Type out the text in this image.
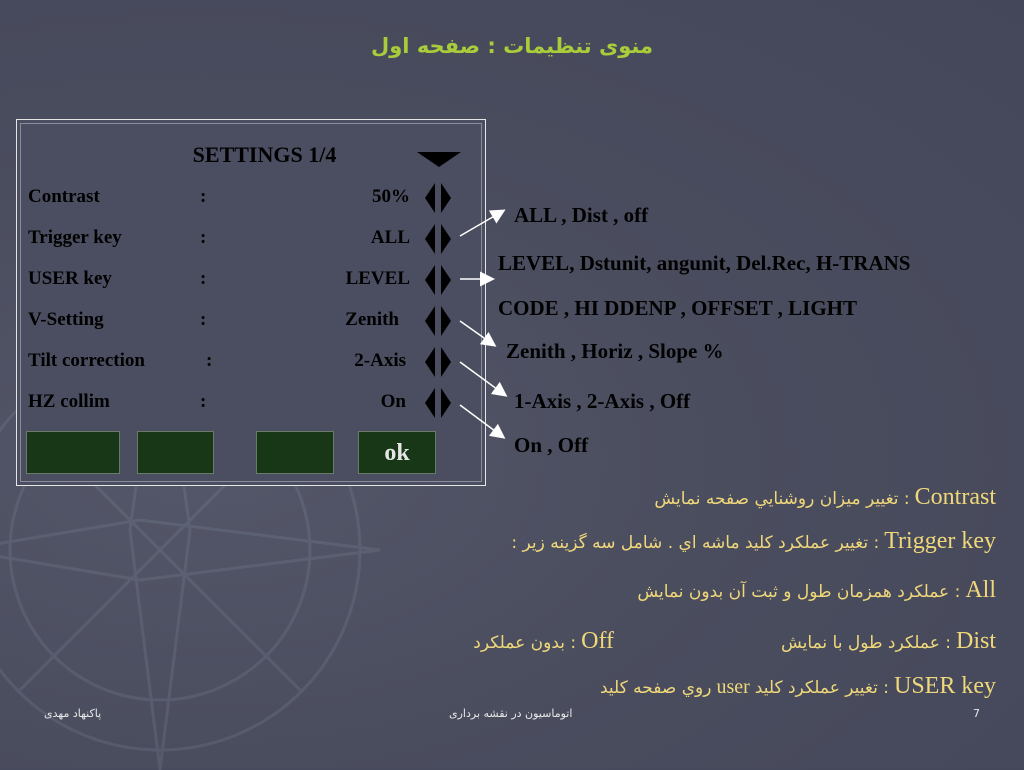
منوی تنظیمات : صفحه اول
SETTINGS 1/4
Contrast	:	50%
Trigger key	:	ALL
USER key	:	LEVEL
V-Setting	:	Zenith
Tilt correction	:	2-Axis
HZ collim	:	On
ok
ALL , Dist , off
LEVEL, Dstunit, angunit, Del.Rec, H-TRANS
CODE , HI DDENP , OFFSET , LIGHT
Zenith , Horiz , Slope %
1-Axis , 2-Axis , Off
On , Off
Contrast : تغيير ميزان روشنايي صفحه نمايش
Trigger key : تغيير عملکرد کليد ماشه اي . شامل سه گزينه زير :
All : عملکرد همزمان طول و ثبت آن بدون نمايش
Dist : عملکرد طول با نمايش
Off : بدون عملکرد
USER key : تغيير عملکرد کليد user روي صفحه کليد
پاکنهاد مهدی	اتوماسیون در نقشه برداری	7
